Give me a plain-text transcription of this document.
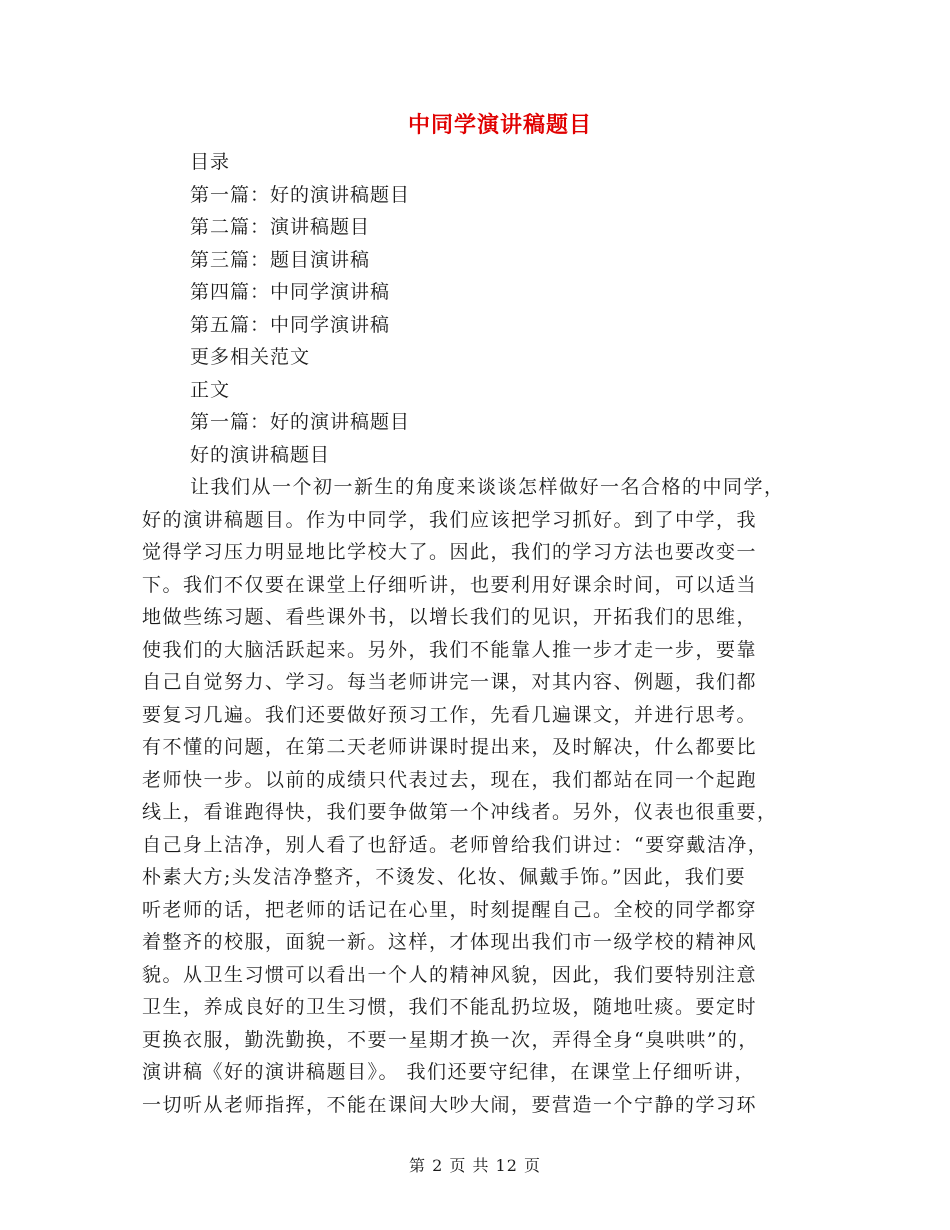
中同学演讲稿题目
目录
第一篇：好的演讲稿题目
第二篇：演讲稿题目
第三篇：题目演讲稿
第四篇：中同学演讲稿
第五篇：中同学演讲稿
更多相关范文
正文
第一篇：好的演讲稿题目
好的演讲稿题目
让我们从一个初一新生的角度来谈谈怎样做好一名合格的中同学，
好的演讲稿题目。作为中同学，我们应该把学习抓好。到了中学，我
觉得学习压力明显地比学校大了。因此，我们的学习方法也要改变一
下。我们不仅要在课堂上仔细听讲，也要利用好课余时间，可以适当
地做些练习题、看些课外书，以增长我们的见识，开拓我们的思维，
使我们的大脑活跃起来。另外，我们不能靠人推一步才走一步，要靠
自己自觉努力、学习。每当老师讲完一课，对其内容、例题，我们都
要复习几遍。我们还要做好预习工作，先看几遍课文，并进行思考。
有不懂的问题，在第二天老师讲课时提出来，及时解决，什么都要比
老师快一步。以前的成绩只代表过去，现在，我们都站在同一个起跑
线上，看谁跑得快，我们要争做第一个冲线者。另外，仪表也很重要，
自己身上洁净，别人看了也舒适。老师曾给我们讲过：“要穿戴洁净，
朴素大方;头发洁净整齐，不烫发、化妆、佩戴手饰。”因此，我们要
听老师的话，把老师的话记在心里，时刻提醒自己。全校的同学都穿
着整齐的校服，面貌一新。这样，才体现出我们市一级学校的精神风
貌。从卫生习惯可以看出一个人的精神风貌，因此，我们要特别注意
卫生，养成良好的卫生习惯，我们不能乱扔垃圾，随地吐痰。要定时
更换衣服，勤洗勤换，不要一星期才换一次，弄得全身“臭哄哄”的，
演讲稿《好的演讲稿题目》。 我们还要守纪律，在课堂上仔细听讲，
一切听从老师指挥，不能在课间大吵大闹，要营造一个宁静的学习环
第 2 页 共 12 页
